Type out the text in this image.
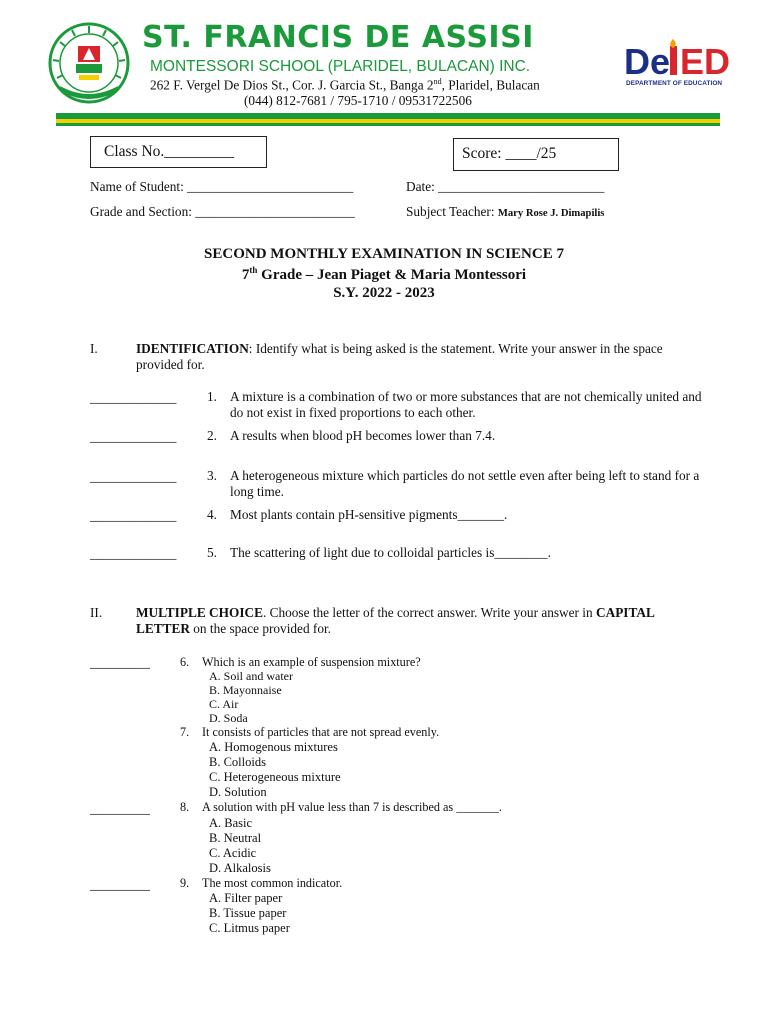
ST. FRANCIS DE ASSISI
MONTESSORI SCHOOL (PLARIDEL, BULACAN) INC.
262 F. Vergel De Dios St., Cor. J. Garcia St., Banga 2nd, Plaridel, Bulacan
(044) 812-7681 / 795-1710 / 09531722506
De ED
DEPARTMENT OF EDUCATION
Class No._________	Score: ____/25
Name of Student: _________________________	Date: _________________________
Grade and Section: ________________________	Subject Teacher: Mary Rose J. Dimapilis
SECOND MONTHLY EXAMINATION IN SCIENCE 7
7th Grade – Jean Piaget & Maria Montessori
S.Y. 2022 - 2023
I.	IDENTIFICATION: Identify what is being asked is the statement. Write your answer in the space provided for.
_____________ 1. A mixture is a combination of two or more substances that are not chemically united and do not exist in fixed proportions to each other.
_____________ 2. A results when blood pH becomes lower than 7.4.
_____________ 3. A heterogeneous mixture which particles do not settle even after being left to stand for a long time.
_____________ 4. Most plants contain pH-sensitive pigments_______.
_____________ 5. The scattering of light due to colloidal particles is________.
II.	MULTIPLE CHOICE. Choose the letter of the correct answer. Write your answer in CAPITAL LETTER on the space provided for.
_________ 6. Which is an example of suspension mixture?
A. Soil and water
B. Mayonnaise
C. Air
D. Soda
7. It consists of particles that are not spread evenly.
A. Homogenous mixtures
B. Colloids
C. Heterogeneous mixture
D. Solution
_________ 8. A solution with pH value less than 7 is described as _______.
A. Basic
B. Neutral
C. Acidic
D. Alkalosis
_________ 9. The most common indicator.
A. Filter paper
B. Tissue paper
C. Litmus paper
